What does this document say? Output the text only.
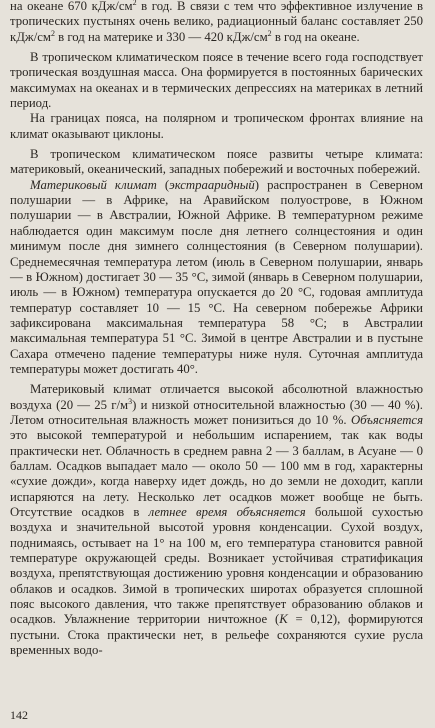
на океане 670 кДж/$см^2$ в год. В связи с тем что эффективное излучение в тропических пустынях очень велико, радиационный баланс составляет 250 кДж/$см^2$ в год на материке и 330 — 420 кДж/$см^2$ в год на океане.

В тропическом климатическом поясе в течение всего года господствует тропическая воздушная масса. Она формируется в постоянных барических максимумах на океанах и в термических депрессиях на материках в летний период.

На границах пояса, на полярном и тропическом фронтах влияние на климат оказывают циклоны.

В тропическом климатическом поясе развиты четыре климата: материковый, океанический, западных побережий и восточных побережий.

Материковый климат (экстрааридный) распространен в Северном полушарии — в Африке, на Аравийском полуострове, в Южном полушарии — в Австралии, Южной Африке. В температурном режиме наблюдается один максимум после дня летнего солнцестояния и один минимум после дня зимнего солнцестояния (в Северном полушарии). Среднемесячная температура летом (июль в Северном полушарии, январь — в Южном) достигает 30 — 35 °С, зимой (январь в Северном полушарии, июль — в Южном) температура опускается до 20 °С, годовая амплитуда температур составляет 10 — 15 °С. На северном побережье Африки зафиксирована максимальная температура 58 °С; в Австралии максимальная температура 51 °С. Зимой в центре Австралии и в пустыне Сахара отмечено падение температуры ниже нуля. Суточная амплитуда температуры может достигать 40°.

Материковый климат отличается высокой абсолютной влажностью воздуха (20 — 25 $г/м^3$) и низкой относительной влажностью (30 — 40 %). Летом относительная влажность может понизиться до 10 %. Объясняется это высокой температурой и небольшим испарением, так как воды практически нет. Облачность в среднем равна 2 — 3 баллам, в Асуане — 0 баллам. Осадков выпадает мало — около 50 — 100 мм в год, характерны «сухие дожди», когда наверху идет дождь, но до земли не доходит, капли испаряются на лету. Несколько лет осадков может вообще не быть. Отсутствие осадков в летнее время объясняется большой сухостью воздуха и значительной высотой уровня конденсации. Сухой воздух, поднимаясь, остывает на 1° на 100 м, его температура становится равной температуре окружающей среды. Возникает устойчивая стратификация воздуха, препятствующая достижению уровня конденсации и образованию облаков и осадков. Зимой в тропических широтах образуется сплошной пояс высокого давления, что также препятствует образованию облаков и осадков. Увлажнение территории ничтожное (K = 0,12), формируются пустыни. Стока практически нет, в рельефе сохраняются сухие русла временных водо-

142
